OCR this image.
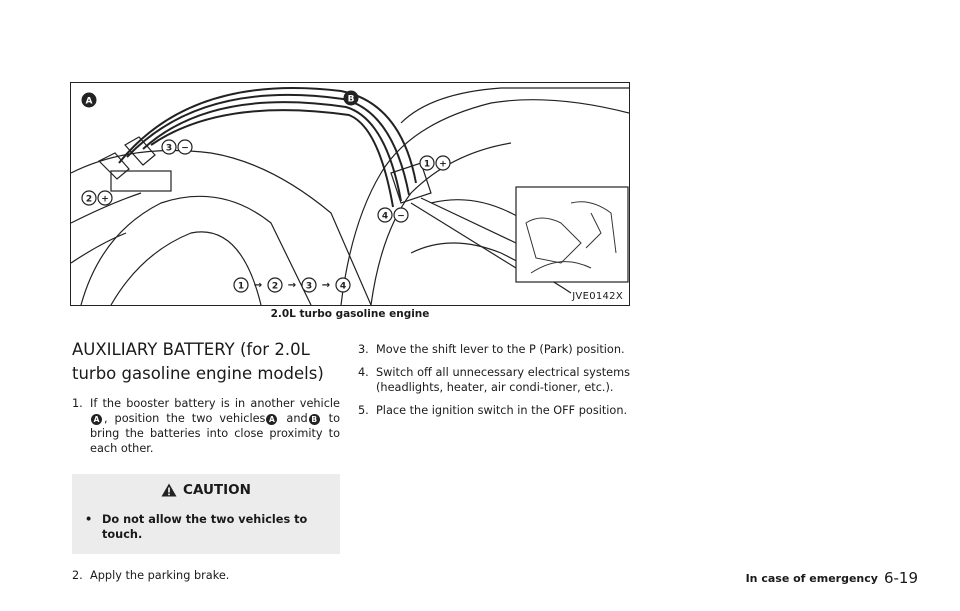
A	B
3 −
2 +
1 +
4 −
1 → 2 → 3 → 4
JVE0142X
2.0L turbo gasoline engine
AUXILIARY BATTERY (for 2.0L
turbo gasoline engine models)
1. If the booster battery is in another vehicleA , position the two vehicles A and B to bring the batteries into close proximity to each other.
CAUTION
• Do not allow the two vehicles to touch.
2. Apply the parking brake.
3. Move the shift lever to the P (Park) position.
4. Switch off all unnecessary electrical systems (headlights, heater, air condi-tioner, etc.).
5. Place the ignition switch in the OFF position.
In case of emergency 6-19
